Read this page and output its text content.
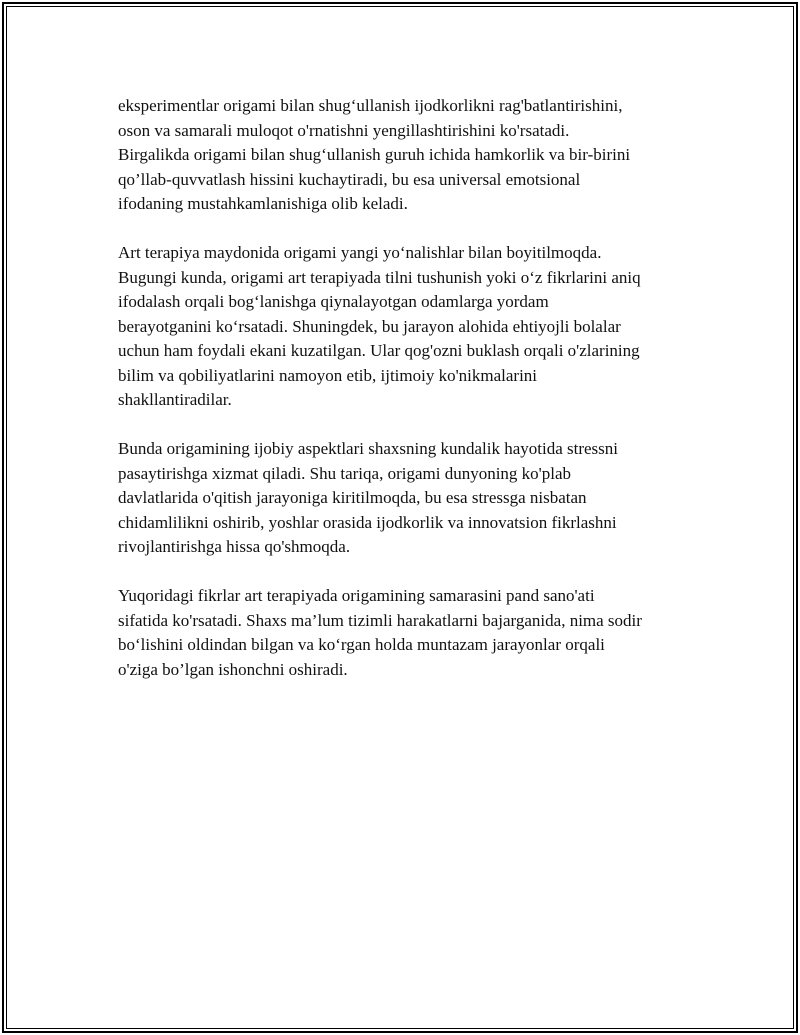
eksperimentlar origami bilan shug‘ullanish ijodkorlikni rag'batlantirishini,
oson va samarali muloqot o'rnatishni yengillashtirishini ko'rsatadi.
Birgalikda origami bilan shug‘ullanish guruh ichida hamkorlik va bir-birini
qo’llab-quvvatlash hissini kuchaytiradi, bu esa universal emotsional
ifodaning mustahkamlanishiga olib keladi.

Art terapiya maydonida origami yangi yo‘nalishlar bilan boyitilmoqda.
Bugungi kunda, origami art terapiyada tilni tushunish yoki o‘z fikrlarini aniq
ifodalash orqali bog‘lanishga qiynalayotgan odamlarga yordam
berayotganini ko‘rsatadi. Shuningdek, bu jarayon alohida ehtiyojli bolalar
uchun ham foydali ekani kuzatilgan. Ular qog'ozni buklash orqali o'zlarining
bilim va qobiliyatlarini namoyon etib, ijtimoiy ko'nikmalarini
shakllantiradilar.

Bunda origamining ijobiy aspektlari shaxsning kundalik hayotida stressni
pasaytirishga xizmat qiladi. Shu tariqa, origami dunyoning ko'plab
davlatlarida o'qitish jarayoniga kiritilmoqda, bu esa stressga nisbatan
chidamlilikni oshirib, yoshlar orasida ijodkorlik va innovatsion fikrlashni
rivojlantirishga hissa qo'shmoqda.

Yuqoridagi fikrlar art terapiyada origamining samarasini pand sano'ati
sifatida ko'rsatadi. Shaxs ma’lum tizimli harakatlarni bajarganida, nima sodir
bo‘lishini oldindan bilgan va ko‘rgan holda muntazam jarayonlar orqali
o'ziga bo’lgan ishonchni oshiradi.
